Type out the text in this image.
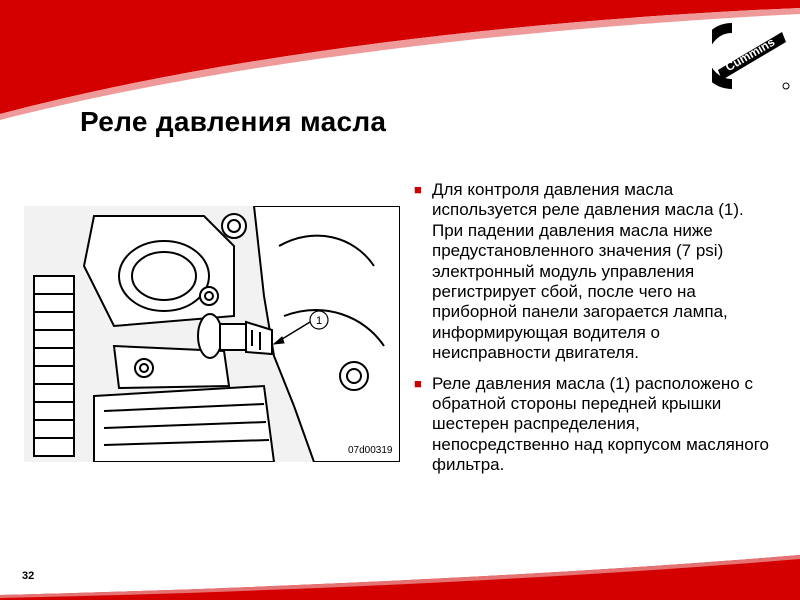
Cummins
Реле давления масла
1
07d00319
■ Для контроля давления масла используется реле давления масла (1). При падении давления масла ниже предустановленного значения (7 psi) электронный модуль управления регистрирует сбой, после чего на приборной панели загорается лампа, информирующая водителя о неисправности двигателя.
■ Реле давления масла (1) расположено с обратной стороны передней крышки шестерен распределения, непосредственно над корпусом масляного фильтра.
32
